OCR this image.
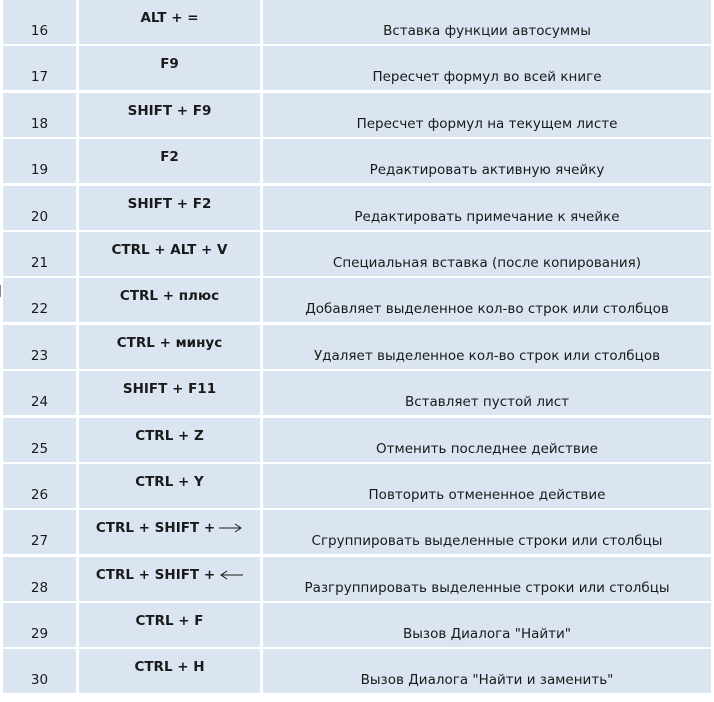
16
ALT + =
Вставка функции автосуммы
17
F9
Пересчет формул во всей книге
18
SHIFT + F9
Пересчет формул на текущем листе
19
F2
Редактировать активную ячейку
20
SHIFT + F2
Редактировать примечание к ячейке
21
CTRL + ALT + V
Специальная вставка (после копирования)
22
CTRL + плюс
Добавляет выделенное кол-во строк или столбцов
23
CTRL + минус
Удаляет выделенное кол-во строк или столбцов
24
SHIFT + F11
Вставляет пустой лист
25
CTRL + Z
Отменить последнее действие
26
CTRL + Y
Повторить отмененное действие
27
CTRL + SHIFT +
Сгруппировать выделенные строки или столбцы
28
CTRL + SHIFT +
Разгруппировать выделенные строки или столбцы
29
CTRL + F
Вызов Диалога "Найти"
30
CTRL + H
Вызов Диалога "Найти и заменить"
